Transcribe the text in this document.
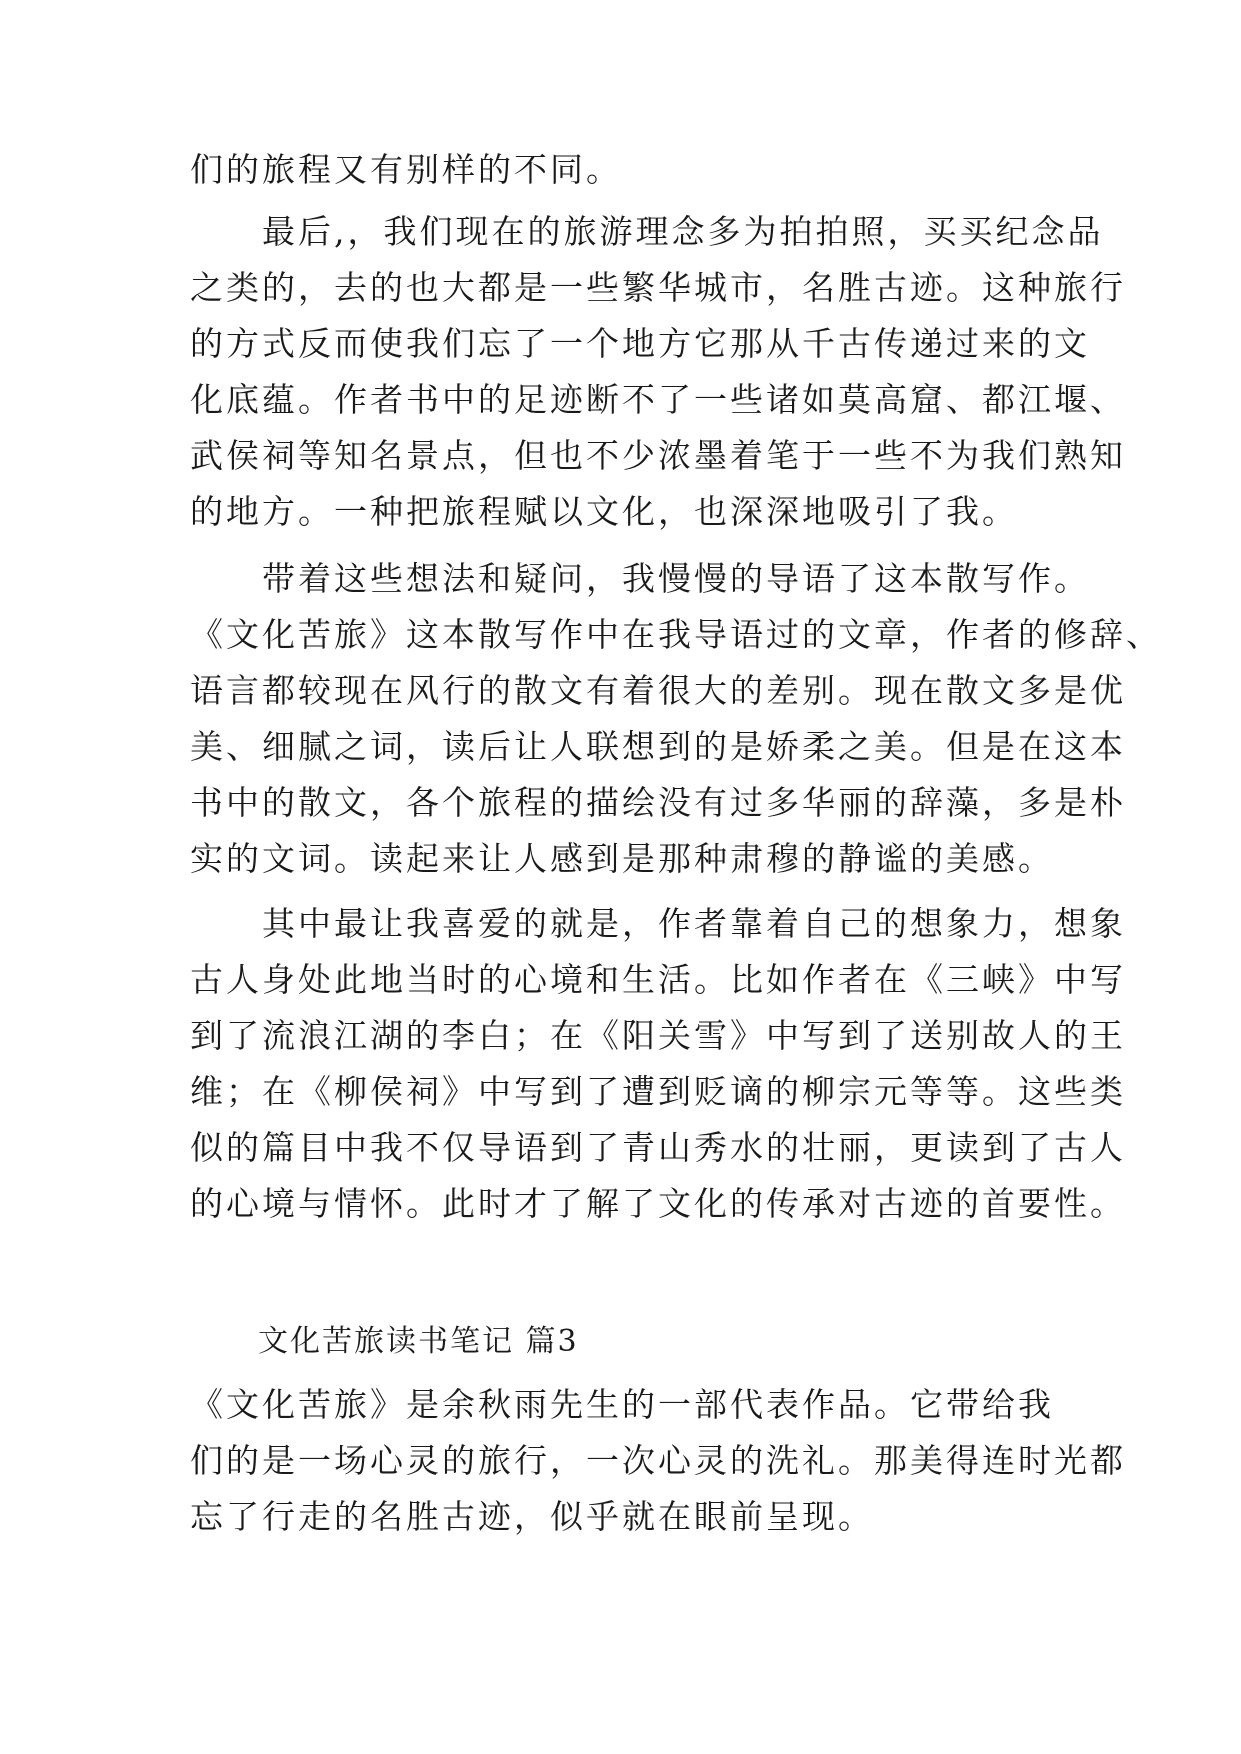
们的旅程又有别样的不同。
　　最后,，我们现在的旅游理念多为拍拍照，买买纪念品
之类的，去的也大都是一些繁华城市，名胜古迹。这种旅行
的方式反而使我们忘了一个地方它那从千古传递过来的文
化底蕴。作者书中的足迹断不了一些诸如莫高窟、都江堰、
武侯祠等知名景点，但也不少浓墨着笔于一些不为我们熟知
的地方。一种把旅程赋以文化，也深深地吸引了我。
　　带着这些想法和疑问，我慢慢的导语了这本散写作。
《文化苦旅》这本散写作中在我导语过的文章，作者的修辞、
语言都较现在风行的散文有着很大的差别。现在散文多是优
美、细腻之词，读后让人联想到的是娇柔之美。但是在这本
书中的散文，各个旅程的描绘没有过多华丽的辞藻，多是朴
实的文词。读起来让人感到是那种肃穆的静谧的美感。
　　其中最让我喜爱的就是，作者靠着自己的想象力，想象
古人身处此地当时的心境和生活。比如作者在《三峡》中写
到了流浪江湖的李白；在《阳关雪》中写到了送别故人的王
维；在《柳侯祠》中写到了遭到贬谪的柳宗元等等。这些类
似的篇目中我不仅导语到了青山秀水的壮丽，更读到了古人
的心境与情怀。此时才了解了文化的传承对古迹的首要性。
文化苦旅读书笔记 篇3
《文化苦旅》是余秋雨先生的一部代表作品。它带给我
们的是一场心灵的旅行，一次心灵的洗礼。那美得连时光都
忘了行走的名胜古迹，似乎就在眼前呈现。
